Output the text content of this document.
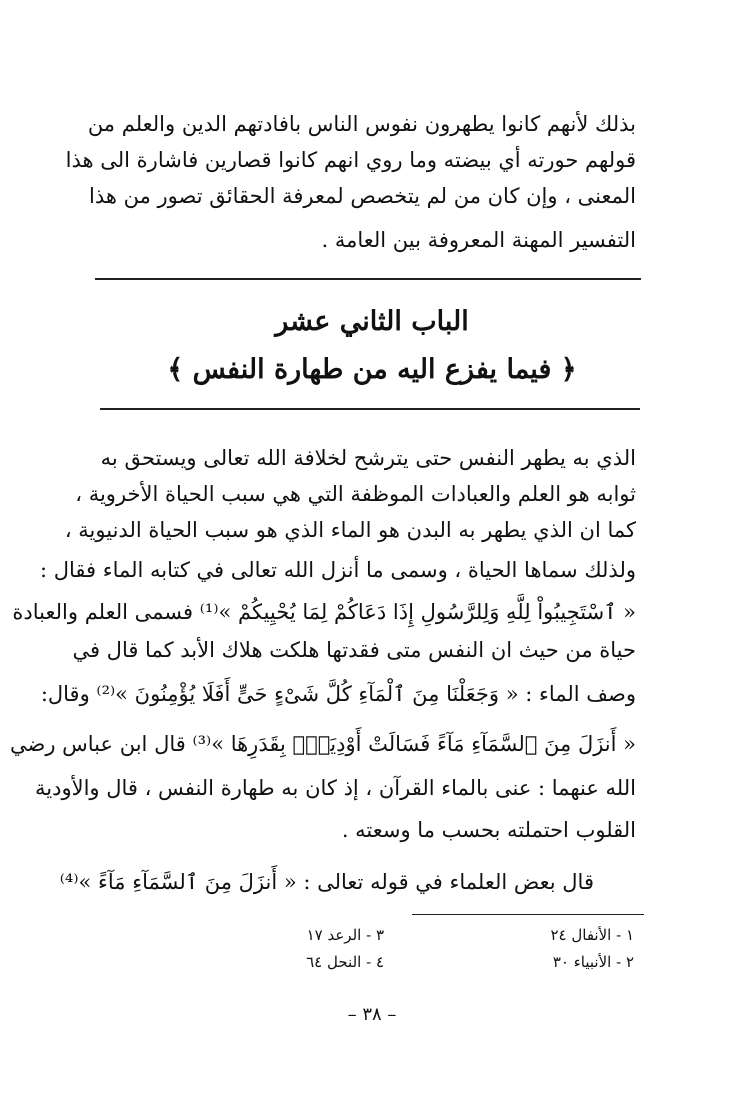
بذلك لأنهم كانوا يطهرون نفوس الناس بافادتهم الدين والعلم من
قولهم حورته أي بيضته وما روي انهم كانوا قصارين فاشارة الى هذا
المعنى ، وإن كان من لم يتخصص لمعرفة الحقائق تصور من هذا
التفسير المهنة المعروفة بين العامة .
الباب الثاني عشر
﴿ فيما يفزع اليه من طهارة النفس ﴾
الذي به يطهر النفس حتى يترشح لخلافة الله تعالى ويستحق به
ثوابه هو العلم والعبادات الموظفة التي هي سبب الحياة الأخروية ،
كما ان الذي يطهر به البدن هو الماء الذي هو سبب الحياة الدنيوية ،
ولذلك سماها الحياة ، وسمى ما أنزل الله تعالى في كتابه الماء فقال :
« ٱسْتَجِيبُواْ لِلَّهِ وَلِلرَّسُولِ إِذَا دَعَاكُمْ لِمَا يُحْيِيكُمْ »⁽¹⁾ فسمى العلم والعبادة
حياة من حيث ان النفس متى فقدتها هلكت هلاك الأبد كما قال في
وصف الماء : « وَجَعَلْنَا مِنَ ٱلْمَآءِ كُلَّ شَىْءٍ حَىٍّ أَفَلَا يُؤْمِنُونَ »⁽²⁾ وقال:
« أَنزَلَ مِنَ ٱلسَّمَآءِ مَآءً فَسَالَتْ أَوْدِيَةٌۢ بِقَدَرِهَا »⁽³⁾ قال ابن عباس رضي
الله عنهما : عنى بالماء القرآن ، إذ كان به طهارة النفس ، قال والأودية
القلوب احتملته بحسب ما وسعته .
قال بعض العلماء في قوله تعالى : « أَنزَلَ مِنَ ٱلسَّمَآءِ مَآءً »⁽⁴⁾
١ - الأنفال ٢٤
٢ - الأنبياء ٣٠
٣ - الرعد ١٧
٤ - النحل ٦٤
– ٣٨ –
